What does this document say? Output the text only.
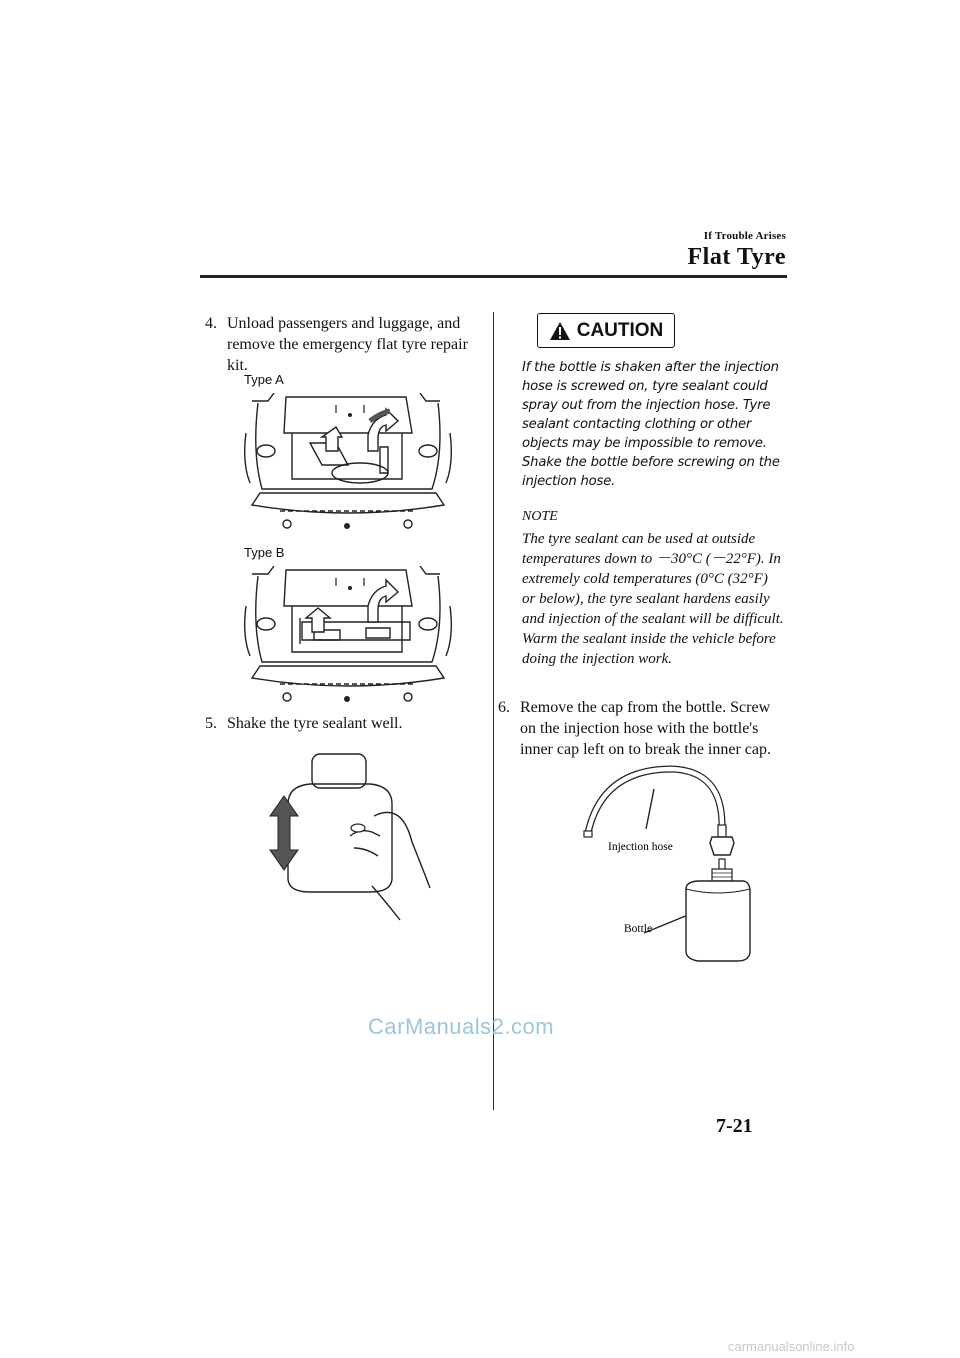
If Trouble Arises
Flat Tyre
4. Unload passengers and luggage, and remove the emergency flat tyre repair kit.
Type A
Type B
5. Shake the tyre sealant well.
CAUTION
If the bottle is shaken after the injection hose is screwed on, tyre sealant could spray out from the injection hose. Tyre sealant contacting clothing or other objects may be impossible to remove. Shake the bottle before screwing on the injection hose.
NOTE
The tyre sealant can be used at outside temperatures down to －30°C (－22°F). In extremely cold temperatures (0°C (32°F) or below), the tyre sealant hardens easily and injection of the sealant will be difficult. Warm the sealant inside the vehicle before doing the injection work.
6. Remove the cap from the bottle. Screw on the injection hose with the bottle's inner cap left on to break the inner cap.
Injection hose
Bottle
CarManuals2.com
7-21
carmanualsonline.info
